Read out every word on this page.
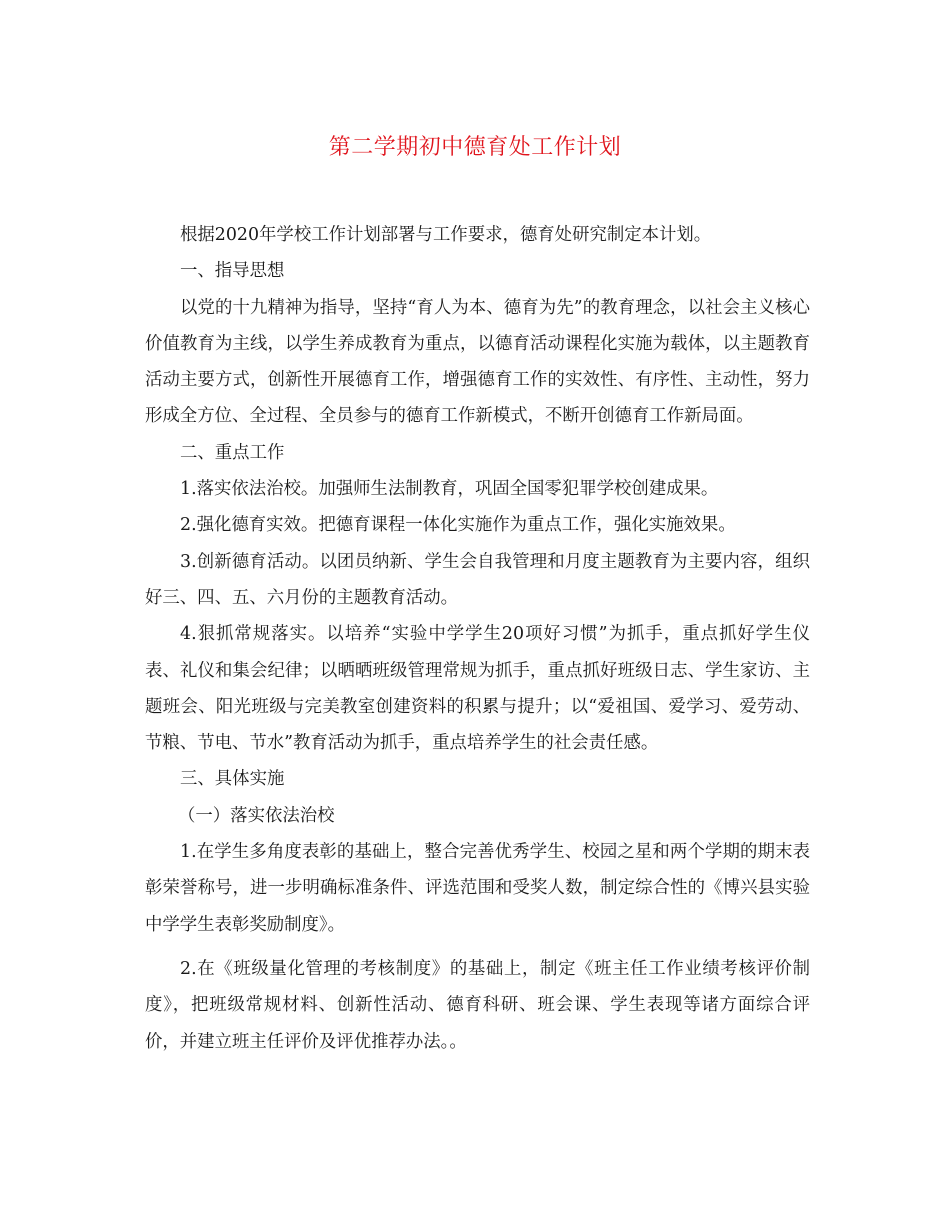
第二学期初中德育处工作计划

根据2020年学校工作计划部署与工作要求，德育处研究制定本计划。

一、指导思想

以党的十九精神为指导，坚持“育人为本、德育为先”的教育理念，以社会主义核心价值教育为主线，以学生养成教育为重点，以德育活动课程化实施为载体，以主题教育活动主要方式，创新性开展德育工作，增强德育工作的实效性、有序性、主动性，努力形成全方位、全过程、全员参与的德育工作新模式，不断开创德育工作新局面。

二、重点工作

1.落实依法治校。加强师生法制教育，巩固全国零犯罪学校创建成果。

2.强化德育实效。把德育课程一体化实施作为重点工作，强化实施效果。

3.创新德育活动。以团员纳新、学生会自我管理和月度主题教育为主要内容，组织好三、四、五、六月份的主题教育活动。

4.狠抓常规落实。以培养“实验中学学生20项好习惯”为抓手，重点抓好学生仪表、礼仪和集会纪律；以晒晒班级管理常规为抓手，重点抓好班级日志、学生家访、主题班会、阳光班级与完美教室创建资料的积累与提升；以“爱祖国、爱学习、爱劳动、节粮、节电、节水”教育活动为抓手，重点培养学生的社会责任感。

三、具体实施

（一）落实依法治校

1.在学生多角度表彰的基础上，整合完善优秀学生、校园之星和两个学期的期末表彰荣誉称号，进一步明确标准条件、评选范围和受奖人数，制定综合性的《博兴县实验中学学生表彰奖励制度》。

2.在《班级量化管理的考核制度》的基础上，制定《班主任工作业绩考核评价制度》，把班级常规材料、创新性活动、德育科研、班会课、学生表现等诸方面综合评价，并建立班主任评价及评优推荐办法。。
